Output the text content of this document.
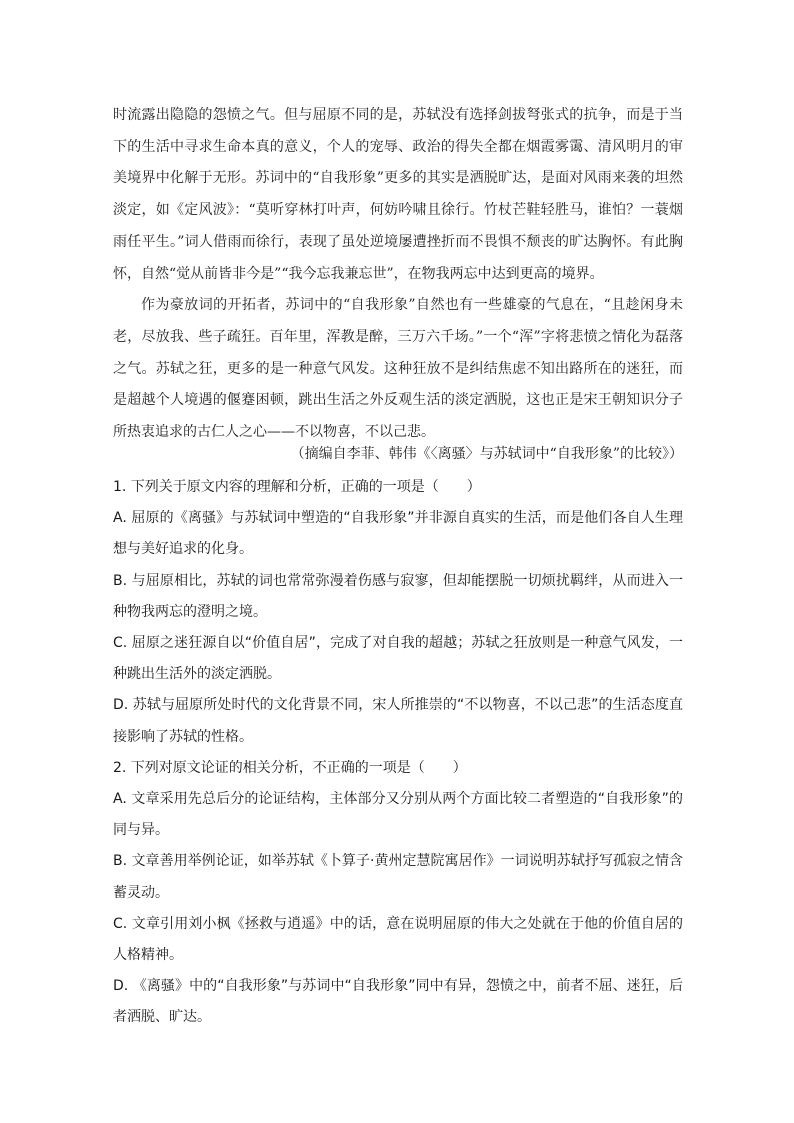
时流露出隐隐的怨愤之气。但与屈原不同的是，苏轼没有选择剑拔弩张式的抗争，而是于当下的生活中寻求生命本真的意义，个人的宠辱、政治的得失全都在烟霞雾霭、清风明月的审美境界中化解于无形。苏词中的“自我形象”更多的其实是洒脱旷达，是面对风雨来袭的坦然淡定，如《定风波》：“莫听穿林打叶声，何妨吟啸且徐行。竹杖芒鞋轻胜马，谁怕？一蓑烟雨任平生。”词人借雨而徐行，表现了虽处逆境屡遭挫折而不畏惧不颓丧的旷达胸怀。有此胸怀，自然“觉从前皆非今是”“我今忘我兼忘世”，在物我两忘中达到更高的境界。

作为豪放词的开拓者，苏词中的“自我形象”自然也有一些雄豪的气息在，“且趁闲身未老，尽放我、些子疏狂。百年里，浑教是醉，三万六千场。”一个“浑”字将悲愤之情化为磊落之气。苏轼之狂，更多的是一种意气风发。这种狂放不是纠结焦虑不知出路所在的迷狂，而是超越个人境遇的偃蹇困顿，跳出生活之外反观生活的淡定洒脱，这也正是宋王朝知识分子所热衷追求的古仁人之心——不以物喜，不以己悲。

（摘编自李菲、韩伟《〈离骚〉与苏轼词中“自我形象”的比较》）

1. 下列关于原文内容的理解和分析，正确的一项是（　　）

A. 屈原的《离骚》与苏轼词中塑造的“自我形象”并非源自真实的生活，而是他们各自人生理想与美好追求的化身。

B. 与屈原相比，苏轼的词也常常弥漫着伤感与寂寥，但却能摆脱一切烦扰羁绊，从而进入一种物我两忘的澄明之境。

C. 屈原之迷狂源自以“价值自居”，完成了对自我的超越；苏轼之狂放则是一种意气风发，一种跳出生活外的淡定洒脱。

D. 苏轼与屈原所处时代的文化背景不同，宋人所推崇的“不以物喜，不以己悲”的生活态度直接影响了苏轼的性格。

2. 下列对原文论证的相关分析，不正确的一项是（　　）

A. 文章采用先总后分的论证结构，主体部分又分别从两个方面比较二者塑造的“自我形象”的同与异。

B. 文章善用举例论证，如举苏轼《卜算子·黄州定慧院寓居作》一词说明苏轼抒写孤寂之情含蓄灵动。

C. 文章引用刘小枫《拯救与逍遥》中的话，意在说明屈原的伟大之处就在于他的价值自居的人格精神。

D. 《离骚》中的“自我形象”与苏词中“自我形象”同中有异，怨愤之中，前者不屈、迷狂，后者洒脱、旷达。
